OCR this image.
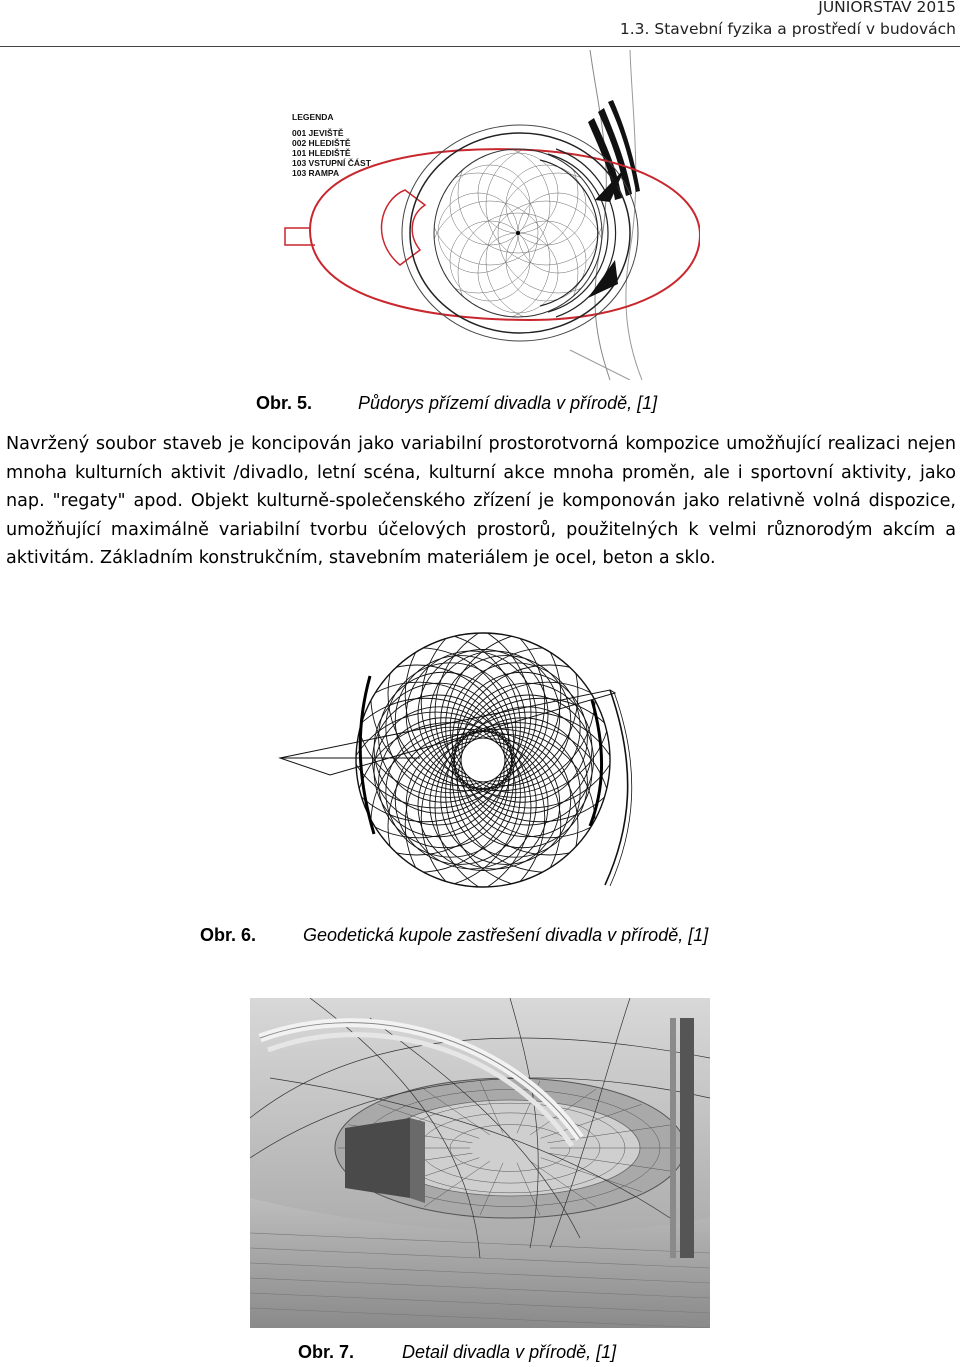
JUNIORSTAV 2015
1.3. Stavební fyzika a prostředí v budovách
LEGENDA
001 JEVIŠTĚ
002 HLEDIŠTĚ
101 HLEDIŠTĚ
103 VSTUPNÍ ČÁST
103 RAMPA
Obr. 5.	Půdorys přízemí divadla v přírodě, [1]

Navržený soubor staveb je koncipován jako variabilní prostorotvorná kompozice umožňující realizaci nejen mnoha kulturních aktivit /divadlo, letní scéna, kulturní akce mnoha proměn, ale i sportovní aktivity, jako nap. "regaty" apod. Objekt kulturně-společenského zřízení je komponován jako relativně volná dispozice, umožňující maximálně variabilní tvorbu účelových prostorů, použitelných k velmi různorodým akcím a aktivitám. Základním konstrukčním, stavebním materiálem je ocel, beton a sklo.

Obr. 6.	Geodetická kupole zastřešení divadla v přírodě, [1]
Obr. 7.	Detail divadla v přírodě, [1]
